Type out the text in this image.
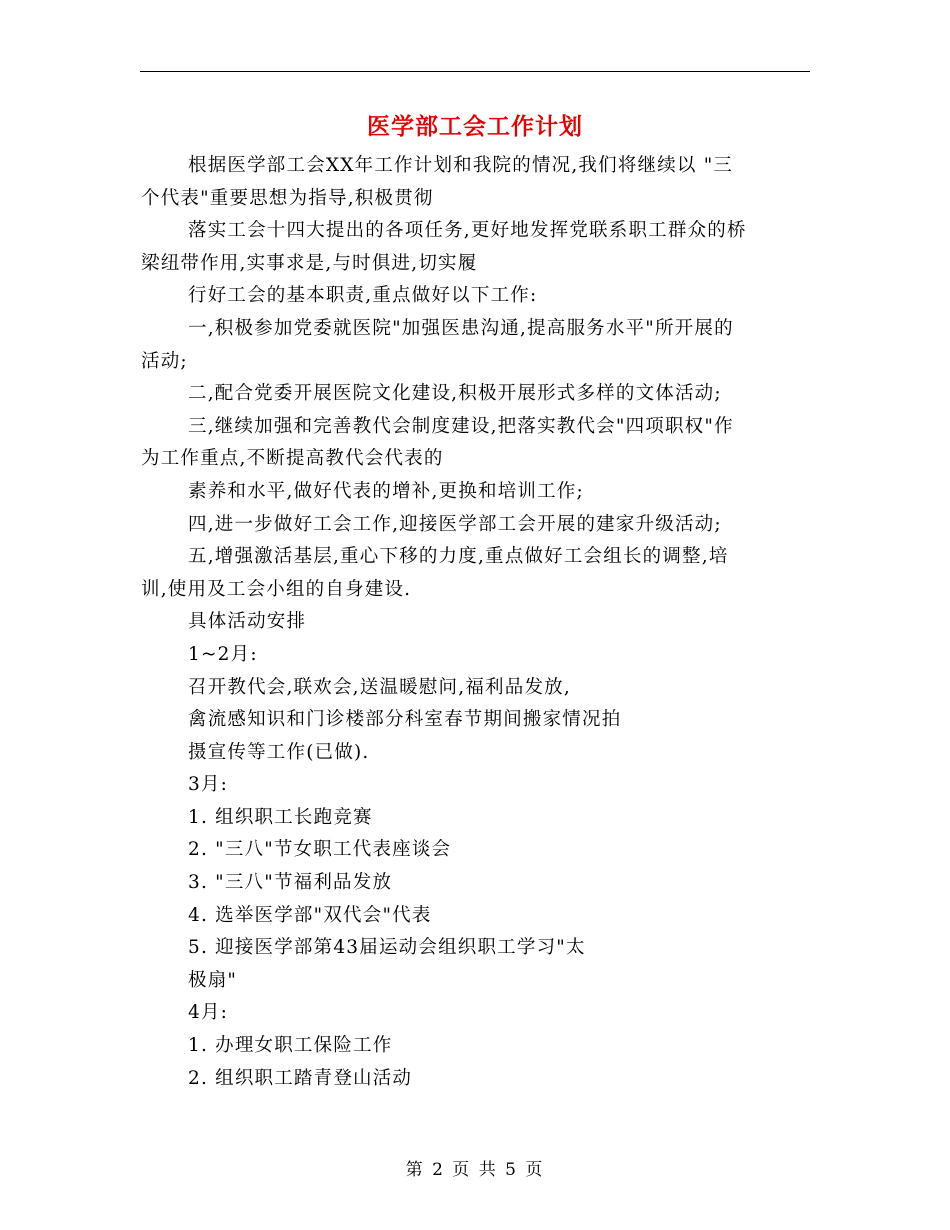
医学部工会工作计划
根据医学部工会XX年工作计划和我院的情况,我们将继续以 "三
个代表"重要思想为指导,积极贯彻
落实工会十四大提出的各项任务,更好地发挥党联系职工群众的桥
梁纽带作用,实事求是,与时俱进,切实履
行好工会的基本职责,重点做好以下工作:
一,积极参加党委就医院"加强医患沟通,提高服务水平"所开展的
活动;
二,配合党委开展医院文化建设,积极开展形式多样的文体活动;
三,继续加强和完善教代会制度建设,把落实教代会"四项职权"作
为工作重点,不断提高教代会代表的
素养和水平,做好代表的增补,更换和培训工作;
四,进一步做好工会工作,迎接医学部工会开展的建家升级活动;
五,增强激活基层,重心下移的力度,重点做好工会组长的调整,培
训,使用及工会小组的自身建设.
具体活动安排
1~2月:
召开教代会,联欢会,送温暖慰问,福利品发放,
禽流感知识和门诊楼部分科室春节期间搬家情况拍
摄宣传等工作(已做).
3月:
1. 组织职工长跑竞赛
2. "三八"节女职工代表座谈会
3. "三八"节福利品发放
4. 选举医学部"双代会"代表
5. 迎接医学部第43届运动会组织职工学习"太
极扇"
4月:
1. 办理女职工保险工作
2. 组织职工踏青登山活动
第 2 页 共 5 页
